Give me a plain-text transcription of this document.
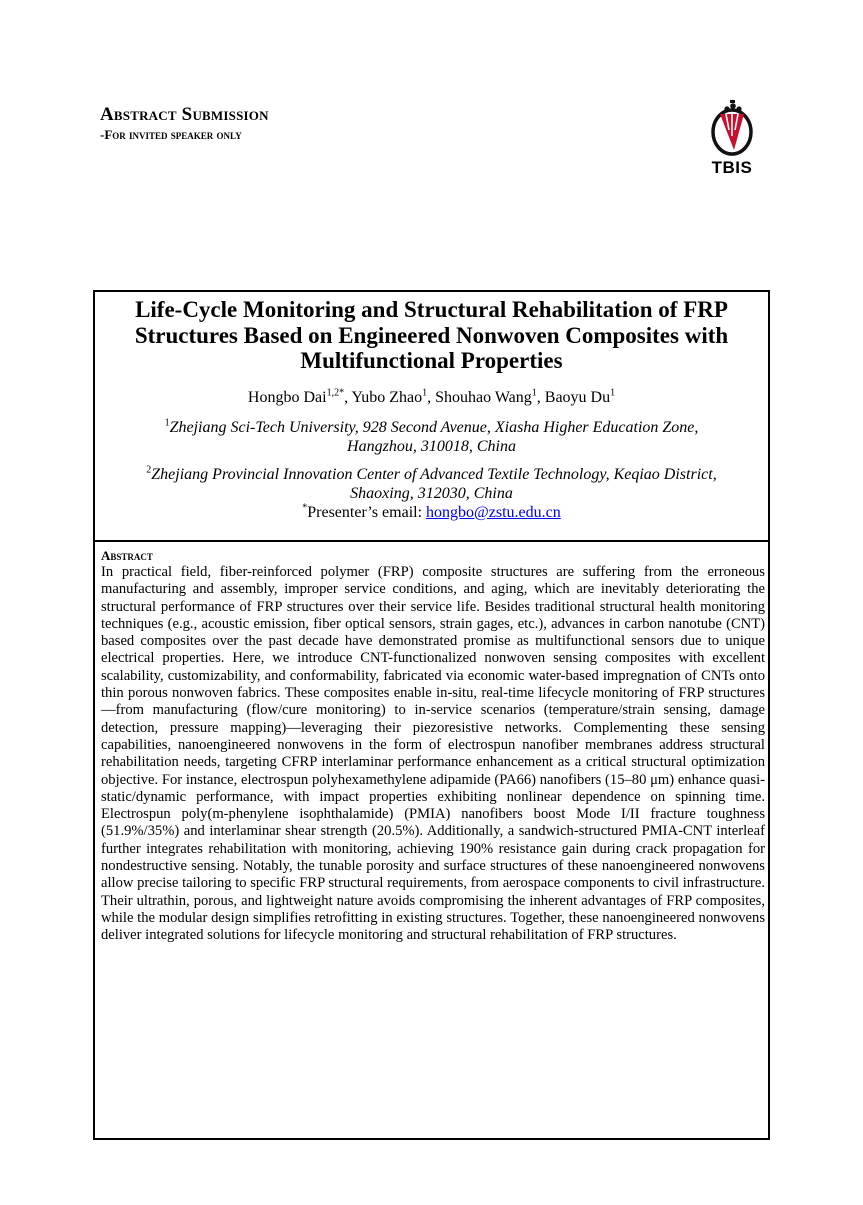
Abstract Submission
-For invited speaker only
TBIS
Life-Cycle Monitoring and Structural Rehabilitation of FRP Structures Based on Engineered Nonwoven Composites with Multifunctional Properties
Hongbo Dai$^{1,2*}$, Yubo Zhao$^1$, Shouhao Wang$^1$, Baoyu Du$^1$
$^1$Zhejiang Sci-Tech University, 928 Second Avenue, Xiasha Higher Education Zone,
Hangzhou, 310018, China
$^2$Zhejiang Provincial Innovation Center of Advanced Textile Technology, Keqiao District,
Shaoxing, 312030, China
*Presenter’s email: hongbo@zstu.edu.cn
Abstract

In practical field, fiber-reinforced polymer (FRP) composite structures are suffering from the erroneous manufacturing and assembly, improper service conditions, and aging, which are inevitably deteriorating the structural performance of FRP structures over their service life. Besides traditional structural health monitoring techniques (e.g., acoustic emission, fiber optical sensors, strain gages, etc.), advances in carbon nanotube (CNT) based composites over the past decade have demonstrated promise as multifunctional sensors due to unique electrical properties. Here, we introduce CNT-functionalized nonwoven sensing composites with excellent scalability, customizability, and conformability, fabricated via economic water-based impregnation of CNTs onto thin porous nonwoven fabrics. These composites enable in-situ, real-time lifecycle monitoring of FRP structures—from manufacturing (flow/cure monitoring) to in-service scenarios (temperature/strain sensing, damage detection, pressure mapping)—leveraging their piezoresistive networks. Complementing these sensing capabilities, nanoengineered nonwovens in the form of electrospun nanofiber membranes address structural rehabilitation needs, targeting CFRP interlaminar performance enhancement as a critical structural optimization objective. For instance, electrospun polyhexamethylene adipamide (PA66) nanofibers (15–80 μm) enhance quasi-static/dynamic performance, with impact properties exhibiting nonlinear dependence on spinning time. Electrospun poly(m-phenylene isophthalamide) (PMIA) nanofibers boost Mode I/II fracture toughness (51.9%/35%) and interlaminar shear strength (20.5%). Additionally, a sandwich-structured PMIA-CNT interleaf further integrates rehabilitation with monitoring, achieving 190% resistance gain during crack propagation for nondestructive sensing. Notably, the tunable porosity and surface structures of these nanoengineered nonwovens allow precise tailoring to specific FRP structural requirements, from aerospace components to civil infrastructure. Their ultrathin, porous, and lightweight nature avoids compromising the inherent advantages of FRP composites, while the modular design simplifies retrofitting in existing structures. Together, these nanoengineered nonwovens deliver integrated solutions for lifecycle monitoring and structural rehabilitation of FRP structures.
